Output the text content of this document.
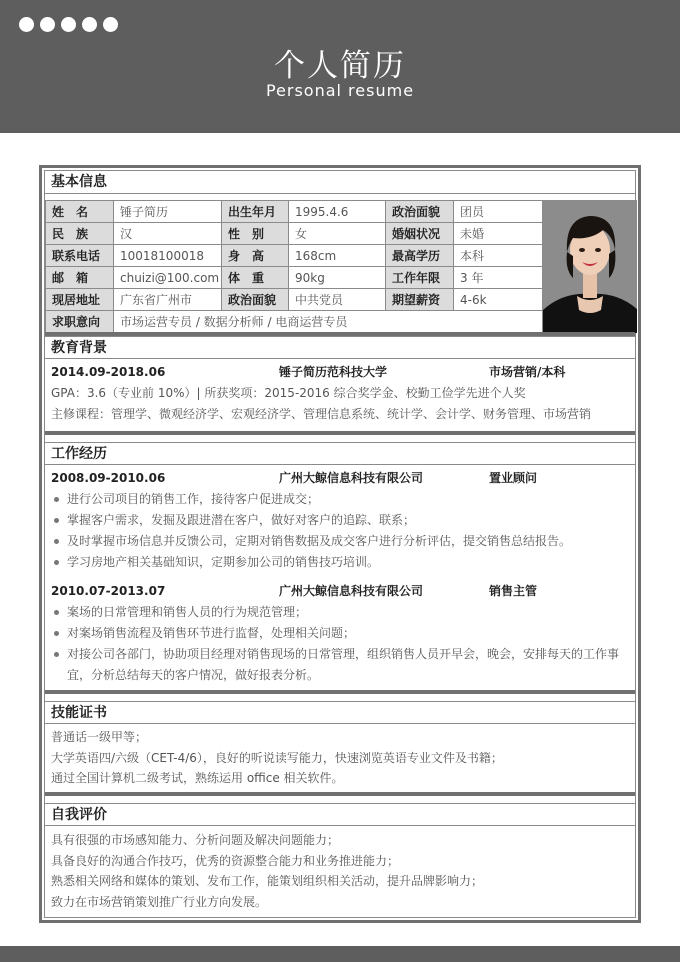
个人简历
Personal resume
基本信息
姓　名	锤子简历	出生年月	1995.4.6	政治面貌	团员
民　族	汉	性　别	女	婚姻状况	未婚
联系电话	10018100018	身　高	168cm	最高学历	本科
邮　箱	chuizi@100.com	体　重	90kg	工作年限	3 年
现居地址	广东省广州市	政治面貌	中共党员	期望薪资	4-6k
求职意向	市场运营专员 / 数据分析师 / 电商运营专员				
教育背景
2014.09-2018.06	锤子简历范科技大学	市场营销/本科
GPA：3.6（专业前 10%）| 所获奖项：2015-2016 综合奖学金、校勤工俭学先进个人奖
主修课程：管理学、微观经济学、宏观经济学、管理信息系统、统计学、会计学、财务管理、市场营销
工作经历
2008.09-2010.06	广州大鲸信息科技有限公司	置业顾问
进行公司项目的销售工作，接待客户促进成交；
掌握客户需求，发掘及跟进潜在客户，做好对客户的追踪、联系；
及时掌握市场信息并反馈公司，定期对销售数据及成交客户进行分析评估，提交销售总结报告。
学习房地产相关基础知识，定期参加公司的销售技巧培训。
2010.07-2013.07	广州大鲸信息科技有限公司	销售主管
案场的日常管理和销售人员的行为规范管理；
对案场销售流程及销售环节进行监督，处理相关问题；
对接公司各部门，协助项目经理对销售现场的日常管理，组织销售人员开早会，晚会，安排每天的工作事宜，分析总结每天的客户情况，做好报表分析。
技能证书
普通话一级甲等；
大学英语四/六级（CET-4/6），良好的听说读写能力，快速浏览英语专业文件及书籍；
通过全国计算机二级考试，熟练运用 office 相关软件。
自我评价
具有很强的市场感知能力、分析问题及解决问题能力；
具备良好的沟通合作技巧，优秀的资源整合能力和业务推进能力；
熟悉相关网络和媒体的策划、发布工作，能策划组织相关活动，提升品牌影响力；
致力在市场营销策划推广行业方向发展。
